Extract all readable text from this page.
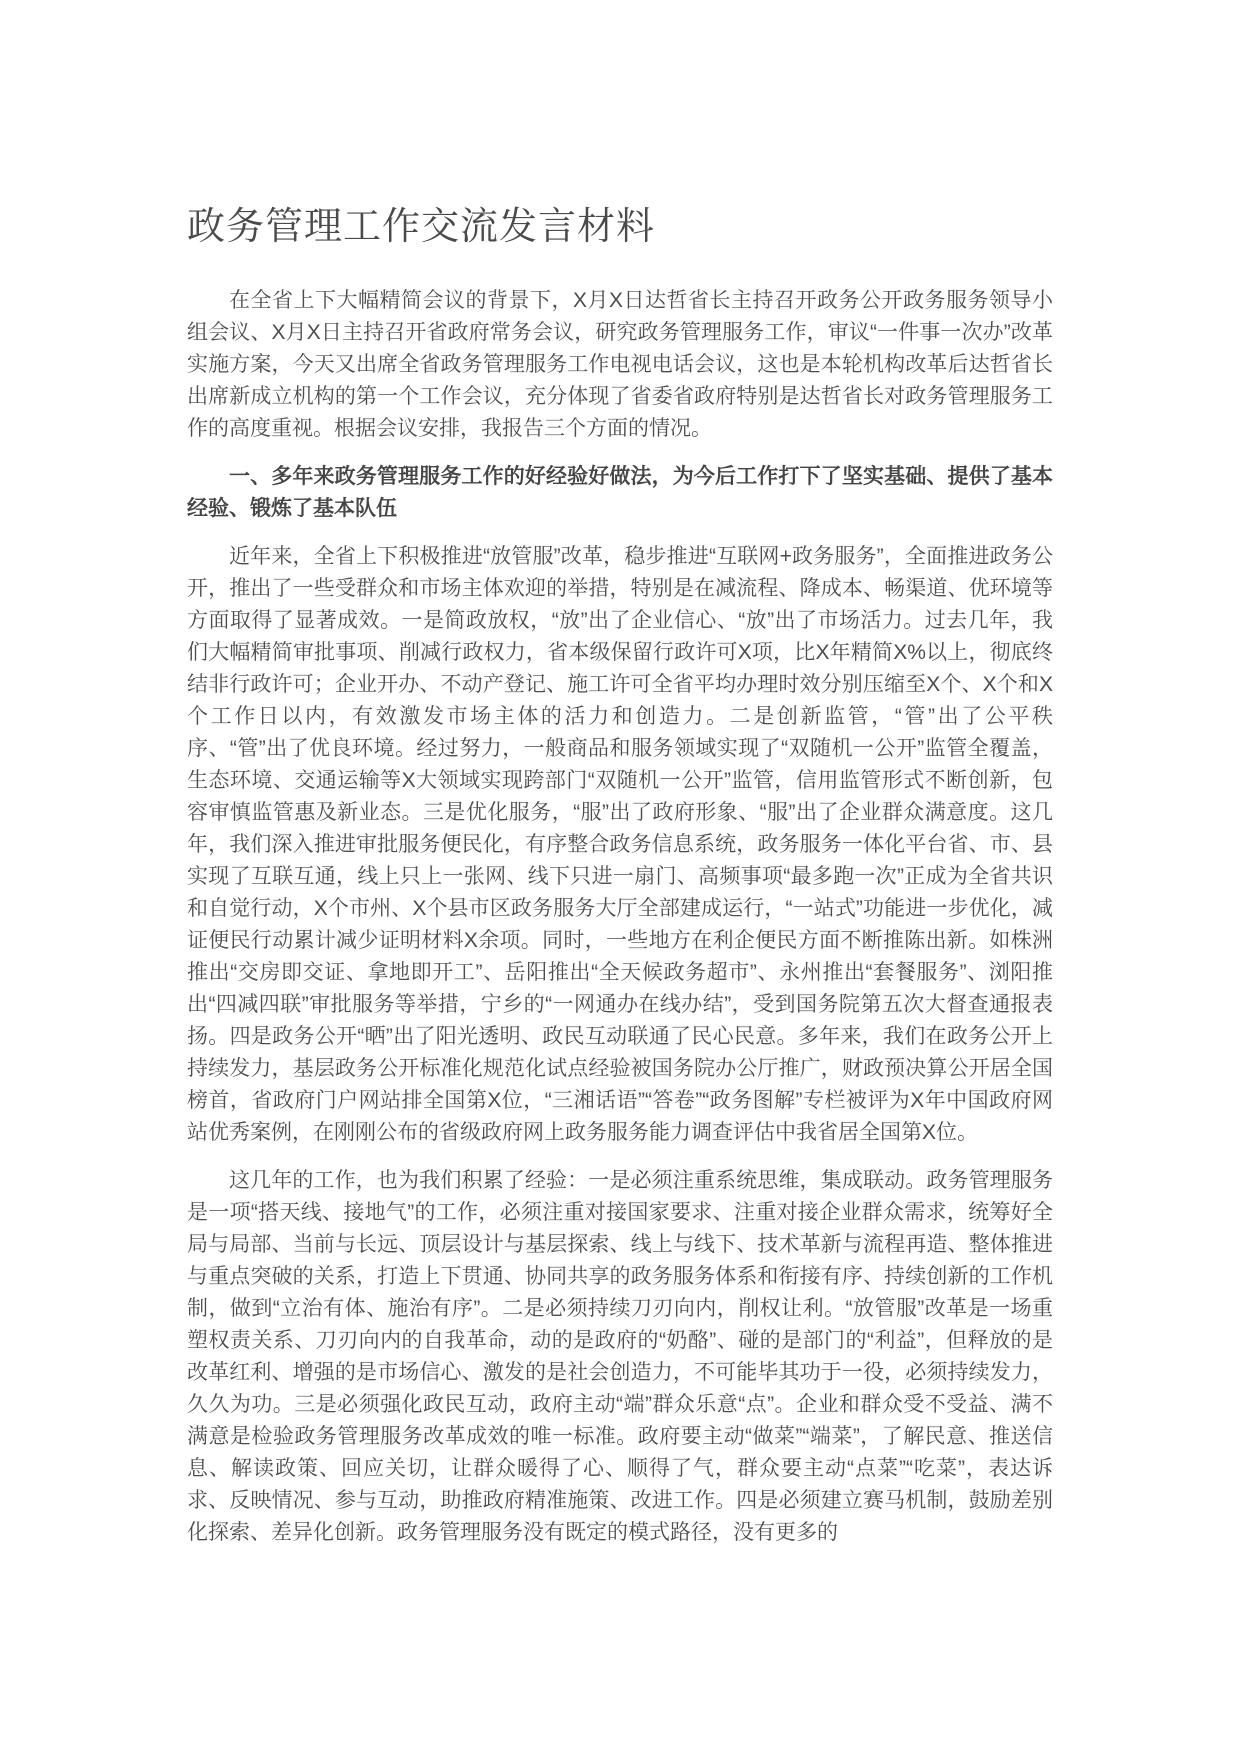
政务管理工作交流发言材料

在全省上下大幅精简会议的背景下，X月X日达哲省长主持召开政务公开政务服务领导小组会议、X月X日主持召开省政府常务会议，研究政务管理服务工作，审议“一件事一次办”改革实施方案，今天又出席全省政务管理服务工作电视电话会议，这也是本轮机构改革后达哲省长出席新成立机构的第一个工作会议，充分体现了省委省政府特别是达哲省长对政务管理服务工作的高度重视。根据会议安排，我报告三个方面的情况。

一、多年来政务管理服务工作的好经验好做法，为今后工作打下了坚实基础、提供了基本经验、锻炼了基本队伍

近年来，全省上下积极推进“放管服”改革，稳步推进“互联网+政务服务”，全面推进政务公开，推出了一些受群众和市场主体欢迎的举措，特别是在减流程、降成本、畅渠道、优环境等方面取得了显著成效。一是简政放权，“放”出了企业信心、“放”出了市场活力。过去几年，我们大幅精简审批事项、削减行政权力，省本级保留行政许可X项，比X年精简X%以上，彻底终结非行政许可；企业开办、不动产登记、施工许可全省平均办理时效分别压缩至X个、X个和X个工作日以内，有效激发市场主体的活力和创造力。二是创新监管，“管”出了公平秩序、“管”出了优良环境。经过努力，一般商品和服务领域实现了“双随机一公开”监管全覆盖，生态环境、交通运输等X大领域实现跨部门“双随机一公开”监管，信用监管形式不断创新，包容审慎监管惠及新业态。三是优化服务，“服”出了政府形象、“服”出了企业群众满意度。这几年，我们深入推进审批服务便民化，有序整合政务信息系统，政务服务一体化平台省、市、县实现了互联互通，线上只上一张网、线下只进一扇门、高频事项“最多跑一次”正成为全省共识和自觉行动，X个市州、X个县市区政务服务大厅全部建成运行，“一站式”功能进一步优化，减证便民行动累计减少证明材料X余项。同时，一些地方在利企便民方面不断推陈出新。如株洲推出“交房即交证、拿地即开工”、岳阳推出“全天候政务超市”、永州推出“套餐服务”、浏阳推出“四减四联”审批服务等举措，宁乡的“一网通办在线办结”，受到国务院第五次大督查通报表扬。四是政务公开“晒”出了阳光透明、政民互动联通了民心民意。多年来，我们在政务公开上持续发力，基层政务公开标准化规范化试点经验被国务院办公厅推广，财政预决算公开居全国榜首，省政府门户网站排全国第X位，“三湘话语”“答卷”“政务图解”专栏被评为X年中国政府网站优秀案例，在刚刚公布的省级政府网上政务服务能力调查评估中我省居全国第X位。

这几年的工作，也为我们积累了经验：一是必须注重系统思维，集成联动。政务管理服务是一项“搭天线、接地气”的工作，必须注重对接国家要求、注重对接企业群众需求，统筹好全局与局部、当前与长远、顶层设计与基层探索、线上与线下、技术革新与流程再造、整体推进与重点突破的关系，打造上下贯通、协同共享的政务服务体系和衔接有序、持续创新的工作机制，做到“立治有体、施治有序”。二是必须持续刀刃向内，削权让利。“放管服”改革是一场重塑权责关系、刀刃向内的自我革命，动的是政府的“奶酪”、碰的是部门的“利益”，但释放的是改革红利、增强的是市场信心、激发的是社会创造力，不可能毕其功于一役，必须持续发力，久久为功。三是必须强化政民互动，政府主动“端”群众乐意“点”。企业和群众受不受益、满不满意是检验政务管理服务改革成效的唯一标准。政府要主动“做菜”“端菜”，了解民意、推送信息、解读政策、回应关切，让群众暖得了心、顺得了气，群众要主动“点菜”“吃菜”，表达诉求、反映情况、参与互动，助推政府精准施策、改进工作。四是必须建立赛马机制，鼓励差别化探索、差异化创新。政务管理服务没有既定的模式路径，没有更多的
